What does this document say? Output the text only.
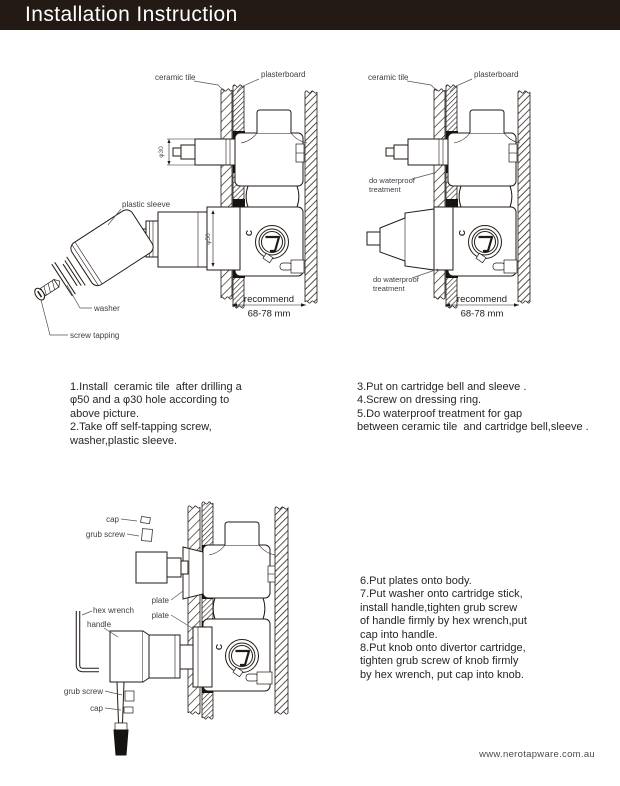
Installation Instruction
ceramic tile	plasterboard
φ30
φ50
C
recommend
68-78 mm
plastic sleeve
washer
screw tapping
ceramic tile	plasterboard
do waterproof
treatment
do waterproof
treatment
C
recommend
68-78 mm
1.Install  ceramic tile  after drilling a
φ50 and a φ30 hole according to
above picture.
2.Take off self-tapping screw,
washer,plastic sleeve.
3.Put on cartridge bell and sleeve .
4.Screw on dressing ring.
5.Do waterproof treatment for gap
between ceramic tile  and cartridge bell,sleeve .
cap
grub screw
plate
plate
hex wrench
handle
grub screw
cap
C
6.Put plates onto body.
7.Put washer onto cartridge stick,
install handle,tighten grub screw
of handle firmly by hex wrench,put
cap into handle.
8.Put knob onto divertor cartridge,
tighten grub screw of knob firmly
by hex wrench, put cap into knob.
www.nerotapware.com.au
